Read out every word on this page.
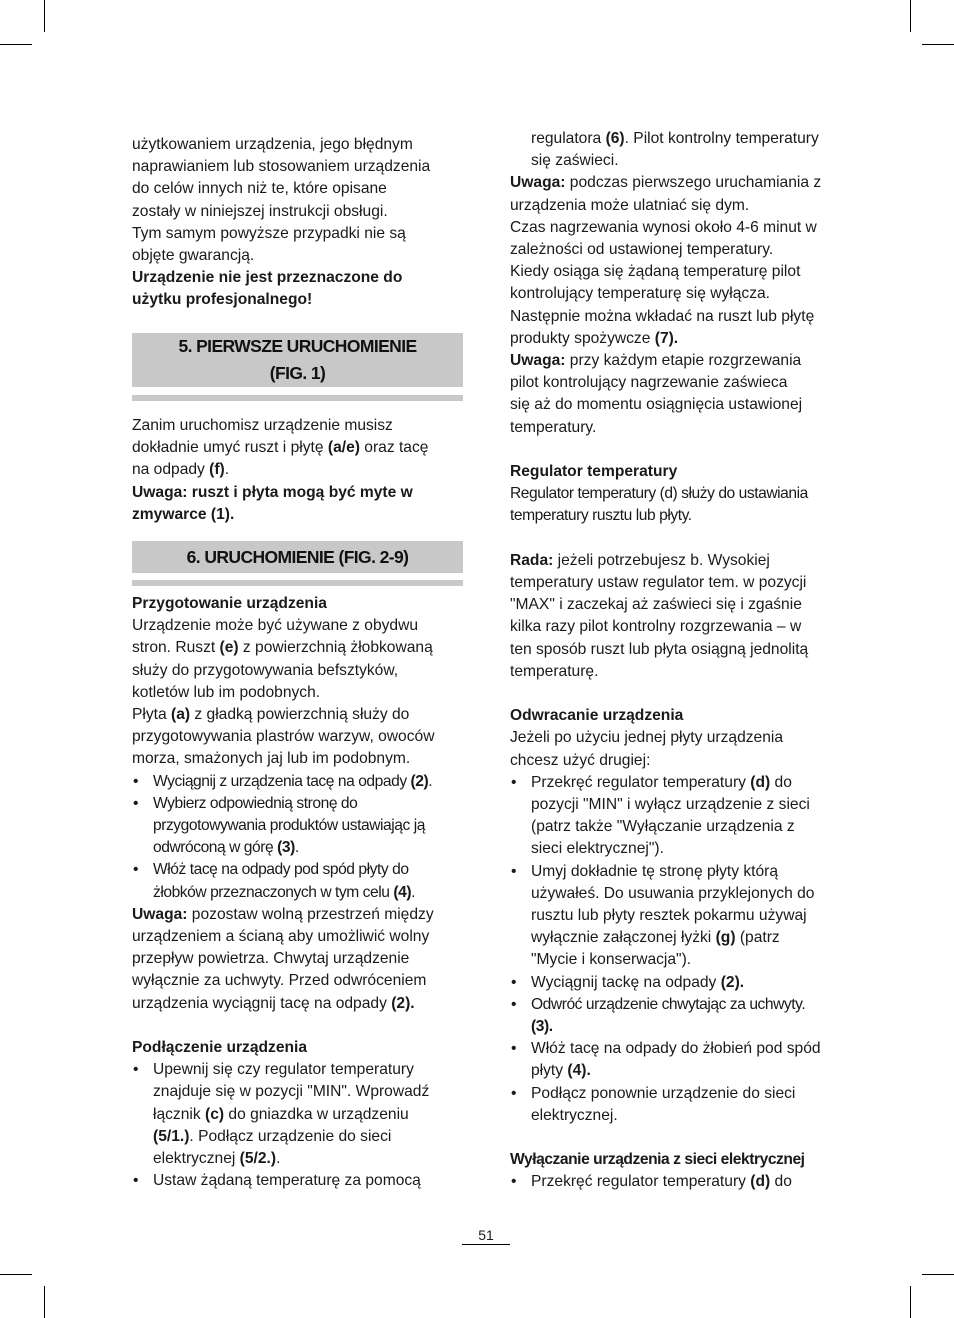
użytkowaniem urządzenia, jego błędnym

naprawianiem lub stosowaniem urządzenia

do celów innych niż te, które opisane

zostały w niniejszej instrukcji obsługi.

Tym samym powyższe przypadki nie są

objęte gwarancją.

Urządzenie nie jest przeznaczone do

użytku profesjonalnego!

5. PIERWSZE URUCHOMIENIE
(FIG. 1)

Zanim uruchomisz urządzenie musisz

dokładnie umyć ruszt i płytę (a/e) oraz tacę

na odpady (f).

Uwaga: ruszt i płyta mogą być myte w

zmywarce (1).

6. URUCHOMIENIE (FIG. 2-9)

Przygotowanie urządzenia

Urządzenie może być używane z obydwu

stron. Ruszt (e) z powierzchnią żłobkowaną

służy do przygotowywania befsztyków,

kotletów lub im podobnych.

Płyta (a) z gładką powierzchnią służy do

przygotowywania plastrów warzyw, owoców

morza, smażonych jaj lub im podobnym.

• Wyciągnij z urządzenia tacę na odpady (2).
• Wybierz odpowiednią stronę do
przygotowywania produktów ustawiając ją
odwróconą w górę (3).
• Włóż tacę na odpady pod spód płyty do
żłobków przeznaczonych w tym celu (4).

Uwaga: pozostaw wolną przestrzeń między

urządzeniem a ścianą aby umożliwić wolny

przepływ powietrza. Chwytaj urządzenie

wyłącznie za uchwyty. Przed odwróceniem

urządzenia wyciągnij tacę na odpady (2).

Podłączenie urządzenia

• Upewnij się czy regulator temperatury
znajduje się w pozycji "MIN". Wprowadź
łącznik (c) do gniazdka w urządzeniu
(5/1.). Podłącz urządzenie do sieci
elektrycznej (5/2.).
• Ustaw żądaną temperaturę za pomocą
regulatora (6). Pilot kontrolny temperatury
się zaświeci.

Uwaga: podczas pierwszego uruchamiania z

urządzenia może ulatniać się dym.

Czas nagrzewania wynosi około 4-6 minut w

zależności od ustawionej temperatury.

Kiedy osiąga się żądaną temperaturę pilot

kontrolujący temperaturę się wyłącza.

Następnie można wkładać na ruszt lub płytę

produkty spożywcze (7).

Uwaga: przy każdym etapie rozgrzewania

pilot kontrolujący nagrzewanie zaświeca

się aż do momentu osiągnięcia ustawionej

temperatury.

Regulator temperatury

Regulator temperatury (d) służy do ustawiania

temperatury rusztu lub płyty.

Rada: jeżeli potrzebujesz b. Wysokiej

temperatury ustaw regulator tem. w pozycji

"MAX" i zaczekaj aż zaświeci się i zgaśnie

kilka razy pilot kontrolny rozgrzewania – w

ten sposób ruszt lub płyta osiągną jednolitą

temperaturę.

Odwracanie urządzenia

Jeżeli po użyciu jednej płyty urządzenia

chcesz użyć drugiej:

• Przekręć regulator temperatury (d) do
pozycji "MIN" i wyłącz urządzenie z sieci
(patrz także "Wyłączanie urządzenia z
sieci elektrycznej").
• Umyj dokładnie tę stronę płyty którą
używałeś. Do usuwania przyklejonych do
rusztu lub płyty resztek pokarmu używaj
wyłącznie załączonej łyżki (g) (patrz
"Mycie i konserwacja").
• Wyciągnij tackę na odpady (2).
• Odwróć urządzenie chwytając za uchwyty.
(3).
• Włóż tacę na odpady do żłobień pod spód
płyty (4).
• Podłącz ponownie urządzenie do sieci
elektrycznej.

Wyłączanie urządzenia z sieci elektrycznej

• Przekręć regulator temperatury (d) do
51
